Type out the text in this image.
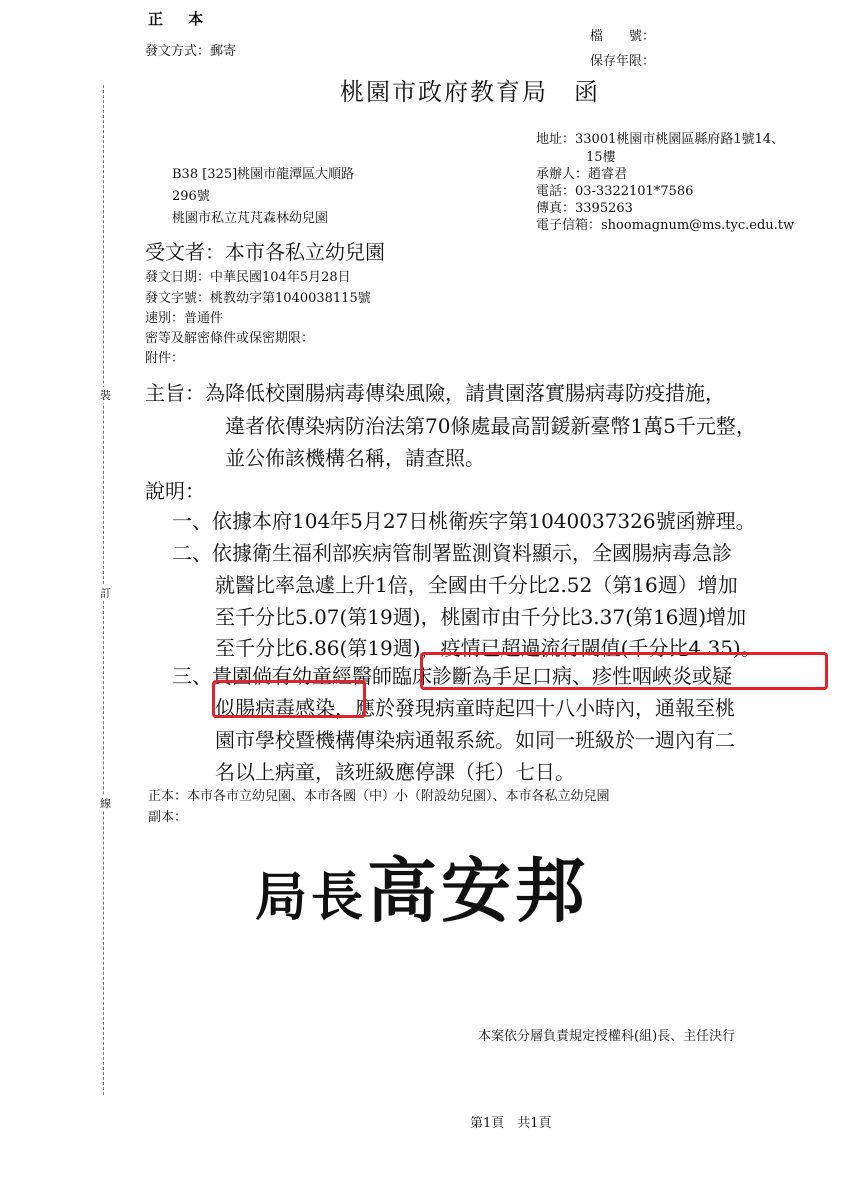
正 本
發文方式：郵寄
檔　　號：
保存年限：
桃園市政府教育局　函
B38 [325]桃園市龍潭區大順路
296號
桃園市私立芃芃森林幼兒園
地址：33001桃園市桃園區縣府路1號14、
15樓
承辦人：趙睿君
電話：03-3322101*7586
傳真：3395263
電子信箱：shoomagnum@ms.tyc.edu.tw
受文者：本市各私立幼兒園
發文日期：中華民國104年5月28日
發文字號：桃教幼字第1040038115號
速別：普通件
密等及解密條件或保密期限：
附件：
主旨：為降低校園腸病毒傳染風險，請貴園落實腸病毒防疫措施，
違者依傳染病防治法第70條處最高罰鍰新臺幣1萬5千元整，
並公佈該機構名稱，請查照。
說明：
一、依據本府104年5月27日桃衛疾字第1040037326號函辦理。
二、依據衛生福利部疾病管制署監測資料顯示，全國腸病毒急診
就醫比率急遽上升1倍，全國由千分比2.52（第16週）增加
至千分比5.07(第19週)，桃園市由千分比3.37(第16週)增加
至千分比6.86(第19週)，疫情已超過流行閾值(千分比4.35)。
三、貴園倘有幼童經醫師臨床診斷為手足口病、疹性咽峽炎或疑
似腸病毒感染，應於發現病童時起四十八小時內，通報至桃
園市學校暨機構傳染病通報系統。如同一班級於一週內有二
名以上病童，該班級應停課（托）七日。
正本：本市各市立幼兒園、本市各國（中）小（附設幼兒園）、本市各私立幼兒園
副本：
局長高安邦
本案依分層負責規定授權科(組)長、主任決行
裝
訂
線
第1頁　共1頁
